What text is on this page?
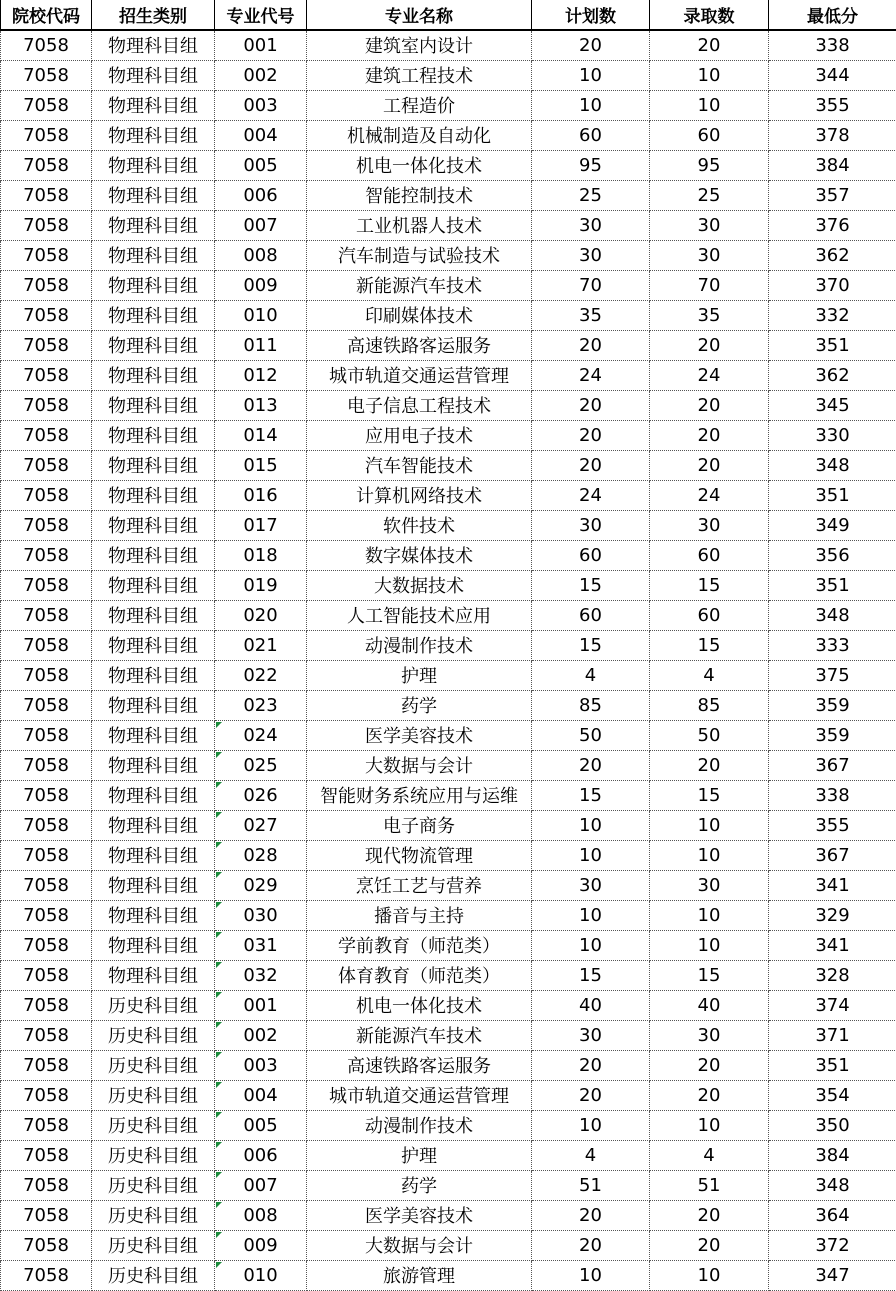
院校代码	招生类别	专业代号	专业名称	计划数	录取数	最低分
7058	物理科目组	001	建筑室内设计	20	20	338
7058	物理科目组	002	建筑工程技术	10	10	344
7058	物理科目组	003	工程造价	10	10	355
7058	物理科目组	004	机械制造及自动化	60	60	378
7058	物理科目组	005	机电一体化技术	95	95	384
7058	物理科目组	006	智能控制技术	25	25	357
7058	物理科目组	007	工业机器人技术	30	30	376
7058	物理科目组	008	汽车制造与试验技术	30	30	362
7058	物理科目组	009	新能源汽车技术	70	70	370
7058	物理科目组	010	印刷媒体技术	35	35	332
7058	物理科目组	011	高速铁路客运服务	20	20	351
7058	物理科目组	012	城市轨道交通运营管理	24	24	362
7058	物理科目组	013	电子信息工程技术	20	20	345
7058	物理科目组	014	应用电子技术	20	20	330
7058	物理科目组	015	汽车智能技术	20	20	348
7058	物理科目组	016	计算机网络技术	24	24	351
7058	物理科目组	017	软件技术	30	30	349
7058	物理科目组	018	数字媒体技术	60	60	356
7058	物理科目组	019	大数据技术	15	15	351
7058	物理科目组	020	人工智能技术应用	60	60	348
7058	物理科目组	021	动漫制作技术	15	15	333
7058	物理科目组	022	护理	4	4	375
7058	物理科目组	023	药学	85	85	359
7058	物理科目组	024	医学美容技术	50	50	359
7058	物理科目组	025	大数据与会计	20	20	367
7058	物理科目组	026	智能财务系统应用与运维	15	15	338
7058	物理科目组	027	电子商务	10	10	355
7058	物理科目组	028	现代物流管理	10	10	367
7058	物理科目组	029	烹饪工艺与营养	30	30	341
7058	物理科目组	030	播音与主持	10	10	329
7058	物理科目组	031	学前教育（师范类）	10	10	341
7058	物理科目组	032	体育教育（师范类）	15	15	328
7058	历史科目组	001	机电一体化技术	40	40	374
7058	历史科目组	002	新能源汽车技术	30	30	371
7058	历史科目组	003	高速铁路客运服务	20	20	351
7058	历史科目组	004	城市轨道交通运营管理	20	20	354
7058	历史科目组	005	动漫制作技术	10	10	350
7058	历史科目组	006	护理	4	4	384
7058	历史科目组	007	药学	51	51	348
7058	历史科目组	008	医学美容技术	20	20	364
7058	历史科目组	009	大数据与会计	20	20	372
7058	历史科目组	010	旅游管理	10	10	347
